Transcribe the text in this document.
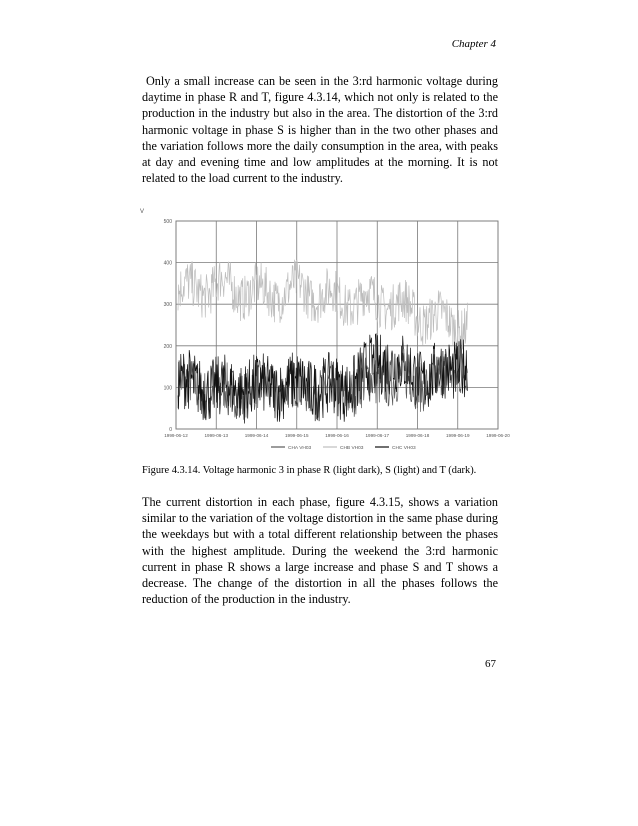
Chapter 4

Only a small increase can be seen in the 3:rd harmonic voltage during daytime in phase R and T, figure 4.3.14, which not only is related to the production in the industry but also in the area. The distortion of the 3:rd harmonic voltage in phase S is higher than in the two other phases and the variation follows more the daily consumption in the area, with peaks at day and evening time and low amplitudes at the morning. It is not related to the load current to the industry.

V
0
100
200
300
400
500
1999-06-12	1999-06-13	1999-06-14	1999-06-15	1999-06-16	1999-06-17	1999-06-18	1999-06-19	1999-06-20
CHA VH03	CHB VH03	CHC VH03
Figure 4.3.14. Voltage harmonic 3 in phase R (light dark), S (light) and T (dark).

The current distortion in each phase, figure 4.3.15, shows a variation similar to the variation of the voltage distortion in the same phase during the weekdays but with a total different relationship between the phases with the highest amplitude. During the weekend the 3:rd harmonic current in phase R shows a large increase and phase S and T shows a decrease. The change of the distortion in all the phases follows the reduction of the production in the industry.

67
